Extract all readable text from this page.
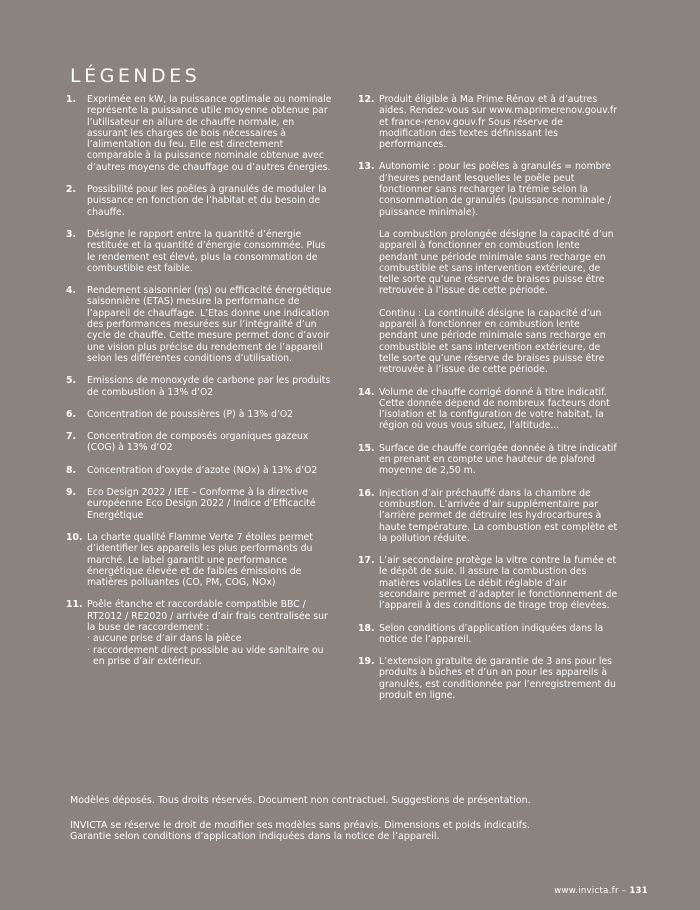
LÉGENDES
1. Exprimée en kW, la puissance optimale ou nominale représente la puissance utile moyenne obtenue par l’utilisateur en allure de chauffe normale, en assurant les charges de bois nécessaires à l’alimentation du feu. Elle est directement comparable à la puissance nominale obtenue avec d’autres moyens de chauffage ou d’autres énergies.

2. Possibilité pour les poêles à granulés de moduler la puissance en fonction de l’habitat et du besoin de chauffe.

3. Désigne le rapport entre la quantité d’énergie restituée et la quantité d’énergie consommée. Plus le rendement est élevé, plus la consommation de combustible est faible.

4. Rendement saisonnier (ηs) ou efficacité énergétique saisonnière (ETAS) mesure la performance de l’appareil de chauffage. L’Etas donne une indication des performances mesurées sur l’intégralité d’un cycle de chauffe. Cette mesure permet donc d’avoir une vision plus précise du rendement de l’appareil selon les différentes conditions d’utilisation.

5. Emissions de monoxyde de carbone par les produits de combustion à 13% d’O2

6. Concentration de poussières (P) à 13% d’O2

7. Concentration de composés organiques gazeux (COG) à 13% d’O2

8. Concentration d’oxyde d’azote (NOx) à 13% d’O2

9. Eco Design 2022 / IEE – Conforme à la directive européenne Eco Design 2022 / Indice d’Efficacité Energétique

10. La charte qualité Flamme Verte 7 étoiles permet d’identifier les appareils les plus performants du marché. Le label garantit une performance énergétique élevée et de faibles émissions de matières polluantes (CO, PM, COG, NOx)

11. Poêle étanche et raccordable compatible BBC / RT2012 / RE2020 / arrivée d’air frais centralisée sur la buse de raccordement :

· aucune prise d’air dans la pièce
· raccordement direct possible au vide sanitaire ou en prise d’air extérieur.
12. Produit éligible à Ma Prime Rénov et à d’autres aides. Rendez-vous sur www.maprimerenov.gouv.fr et france-renov.gouv.fr Sous réserve de modification des textes définissant les performances.

13. Autonomie : pour les poêles à granulés = nombre d’heures pendant lesquelles le poêle peut fonctionner sans recharger la trémie selon la consommation de granulés (puissance nominale / puissance minimale).

La combustion prolongée désigne la capacité d’un appareil à fonctionner en combustion lente pendant une période minimale sans recharge en combustible et sans intervention extérieure, de telle sorte qu’une réserve de braises puisse être retrouvée à l’issue de cette période.

Continu : La continuité désigne la capacité d’un appareil à fonctionner en combustion lente pendant une période minimale sans recharge en combustible et sans intervention extérieure, de telle sorte qu’une réserve de braises puisse être retrouvée à l’issue de cette période.

14. Volume de chauffe corrigé donné à titre indicatif. Cette donnée dépend de nombreux facteurs dont l’isolation et la configuration de votre habitat, la région où vous vous situez, l’altitude...

15. Surface de chauffe corrigée donnée à titre indicatif en prenant en compte une hauteur de plafond moyenne de 2,50 m.

16. Injection d’air préchauffé dans la chambre de combustion. L’arrivée d’air supplémentaire par l’arrière permet de détruire les hydrocarbures à haute température. La combustion est complète et la pollution réduite.

17. L’air secondaire protège la vitre contre la fumée et le dépôt de suie. Il assure la combustion des matières volatiles Le débit réglable d’air secondaire permet d’adapter le fonctionnement de l’appareil à des conditions de tirage trop élevées.

18. Selon conditions d’application indiquées dans la notice de l’appareil.

19. L’extension gratuite de garantie de 3 ans pour les produits à bûches et d’un an pour les appareils à granulés, est conditionnée par l’enregistrement du produit en ligne.

Modèles déposés. Tous droits réservés. Document non contractuel. Suggestions de présentation.

INVICTA se réserve le droit de modifier ses modèles sans préavis. Dimensions et poids indicatifs.
Garantie selon conditions d’application indiquées dans la notice de l’appareil.

www.invicta.fr – 131
